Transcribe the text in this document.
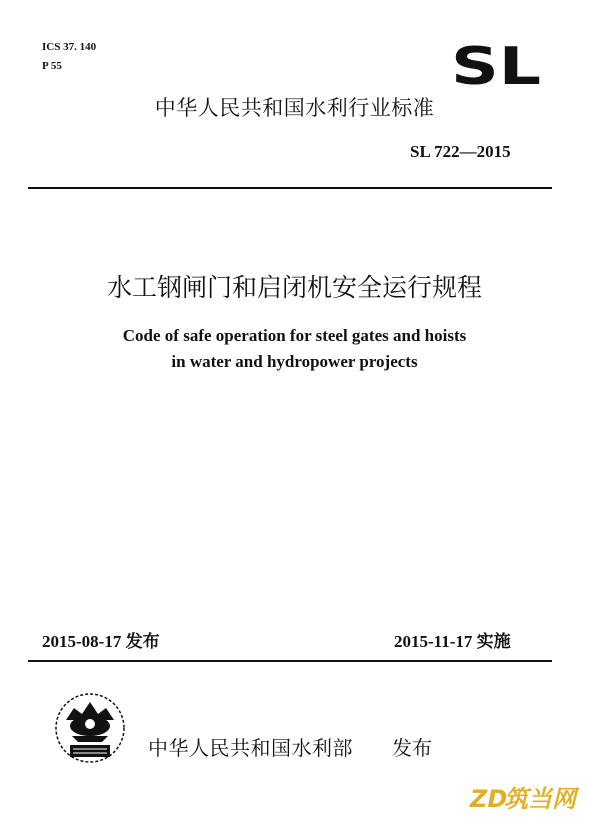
ICS 37. 140
P 55	SL
中华人民共和国水利行业标准
SL 722—2015
水工钢闸门和启闭机安全运行规程
Code of safe operation for steel gates and hoists
in water and hydropower projects
2015-08-17 发布	2015-11-17 实施
中华人民共和国水利部 发布
ZD
筑当网
